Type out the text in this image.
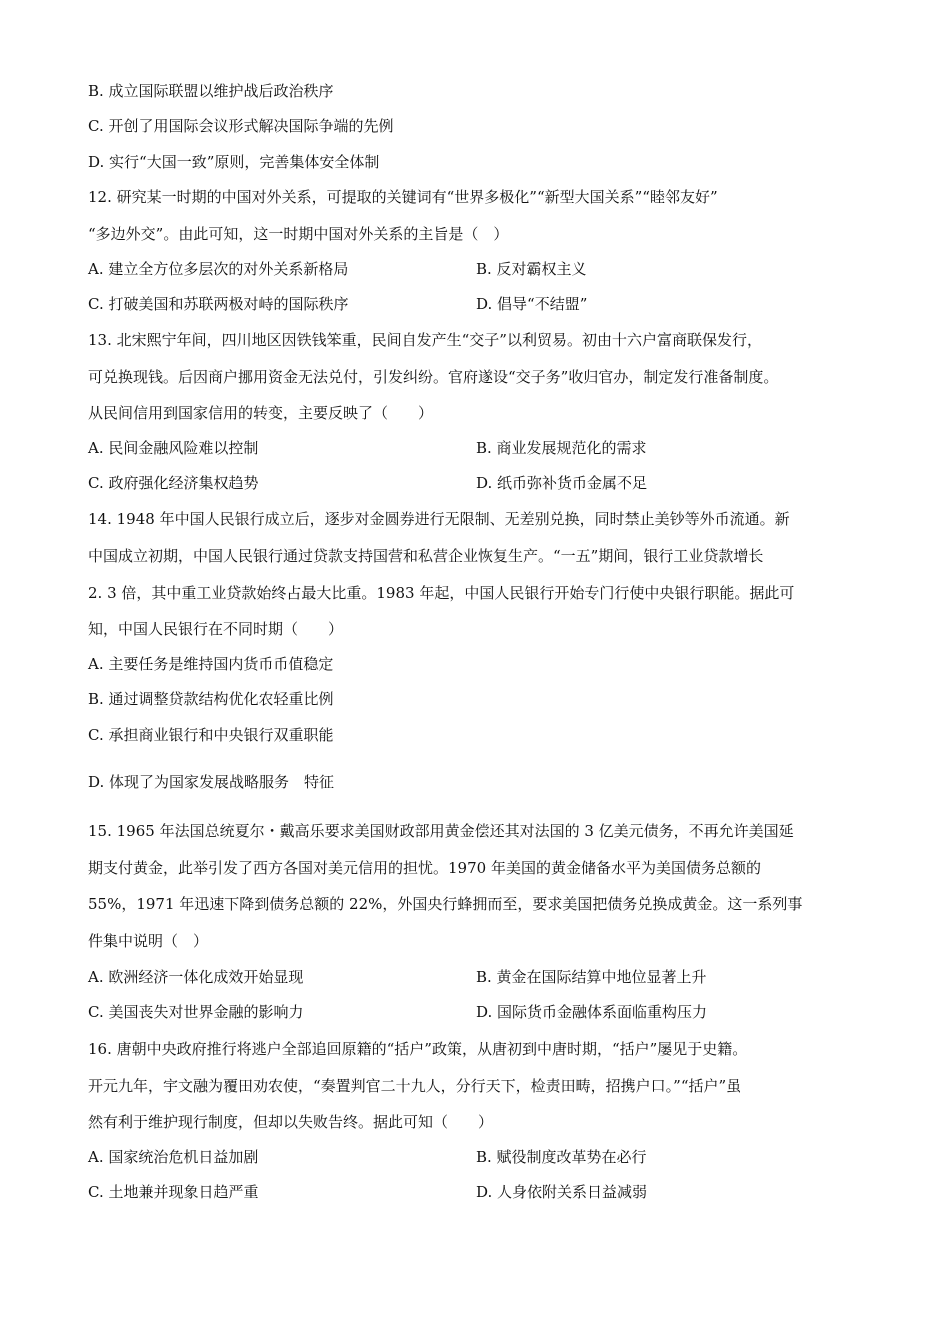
B. 成立国际联盟以维护战后政治秩序
C. 开创了用国际会议形式解决国际争端的先例
D. 实行“大国一致”原则，完善集体安全体制
12. 研究某一时期的中国对外关系，可提取的关键词有“世界多极化”“新型大国关系”“睦邻友好”
“多边外交”。由此可知，这一时期中国对外关系的主旨是（　）
A. 建立全方位多层次的对外关系新格局	B. 反对霸权主义
C. 打破美国和苏联两极对峙的国际秩序	D. 倡导“不结盟”
13. 北宋熙宁年间，四川地区因铁钱笨重，民间自发产生“交子”以利贸易。初由十六户富商联保发行，
可兑换现钱。后因商户挪用资金无法兑付，引发纠纷。官府遂设“交子务”收归官办，制定发行准备制度。
从民间信用到国家信用的转变，主要反映了（　　）
A. 民间金融风险难以控制	B. 商业发展规范化的需求
C. 政府强化经济集权趋势	D. 纸币弥补货币金属不足
14. 1948 年中国人民银行成立后，逐步对金圆券进行无限制、无差别兑换，同时禁止美钞等外币流通。新
中国成立初期，中国人民银行通过贷款支持国营和私营企业恢复生产。“一五”期间，银行工业贷款增长
2. 3 倍，其中重工业贷款始终占最大比重。1983 年起，中国人民银行开始专门行使中央银行职能。据此可
知，中国人民银行在不同时期（　　）
A. 主要任务是维持国内货币币值稳定
B. 通过调整贷款结构优化农轻重比例
C. 承担商业银行和中央银行双重职能
D. 体现了为国家发展战略服务　特征
15. 1965 年法国总统夏尔・戴高乐要求美国财政部用黄金偿还其对法国的 3 亿美元债务，不再允许美国延
期支付黄金，此举引发了西方各国对美元信用的担忧。1970 年美国的黄金储备水平为美国债务总额的
55%，1971 年迅速下降到债务总额的 22%，外国央行蜂拥而至，要求美国把债务兑换成黄金。这一系列事
件集中说明（　）
A. 欧洲经济一体化成效开始显现	B. 黄金在国际结算中地位显著上升
C. 美国丧失对世界金融的影响力	D. 国际货币金融体系面临重构压力
16. 唐朝中央政府推行将逃户全部追回原籍的“括户”政策，从唐初到中唐时期，“括户”屡见于史籍。
开元九年，宇文融为覆田劝农使，“奏置判官二十九人，分行天下，检责田畴，招携户口。”“括户”虽
然有利于维护现行制度，但却以失败告终。据此可知（　　）
A. 国家统治危机日益加剧	B. 赋役制度改革势在必行
C. 土地兼并现象日趋严重	D. 人身依附关系日益减弱
